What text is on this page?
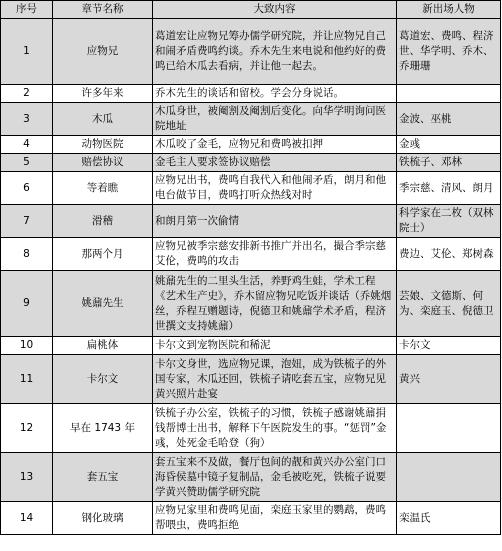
序号	章节名称	大致内容	新出场人物
1	应物兄	葛道宏让应物兄筹办儒学研究院，并让应物兄自己和闹矛盾费鸣约谈。乔木先生来电说和他约好的费鸣已给木瓜去看病，并让他一起去。	葛道宏、费鸣、程济世、华学明、乔木、乔珊珊
2	许多年来	乔木先生的谈话和留校。学会分身说话。	
3	木瓜	木瓜身世，被阉割及阉割后变化。向华学明询问医院地址	金波、巫桃
4	动物医院	木瓜咬了金毛，应物兄和费鸣被扣押	金彧
5	赔偿协议	金毛主人要求签协议赔偿	铁梳子、邓林
6	等着瞧	应物兄出书，费鸣自我代入和他闹矛盾，朗月和他电台做节目，费鸣打听众热线对时	季宗慈、清风、朗月
7	滑稽	和朗月第一次偷情	科学家在二枚（双林院士）
8	那两个月	应物兄被季宗慈安排新书推广并出名，撮合季宗慈艾伦，费鸣的攻击	费边、艾伦、郑树森
9	姚鼐先生	姚鼐先生的二里头生活，养野鸡生蛙，学术工程《艺术生产史》，乔木留应物兄吃饭并谈话（乔姚烟丝，乔程互赠题诗，倪德卫和姚鼐学术矛盾，程济世撰文支持姚鼐）	芸娘、文德斯、何为、栾庭玉、倪德卫
10	扁桃体	卡尔文到宠物医院和稀泥	卡尔文
11	卡尔文	卡尔文身世，选应物兄课，泡妞，成为铁梳子的外国专家，木瓜还回，铁梳子请吃套五宝，应物兄见黄兴照片赴宴	黄兴
12	早在 1743 年	铁梳子办公室，铁梳子的习惯，铁梳子感谢姚鼐捐钱帮博士出书，解释下午医院发生的事。“惩罚”金彧，处死金毛哈登（狗）	
13	套五宝	套五宝来不及做，餐厅包间的靓和黄兴办公室门口海昏侯墓中镜子复制品，金毛被吃死，铁梳子说要学黄兴赞助儒学研究院	
14	钢化玻璃	应物兄家里和费鸣见面，栾庭玉家里的鹦鹉，费鸣帮喂虫，费鸣拒绝	栾温氏
